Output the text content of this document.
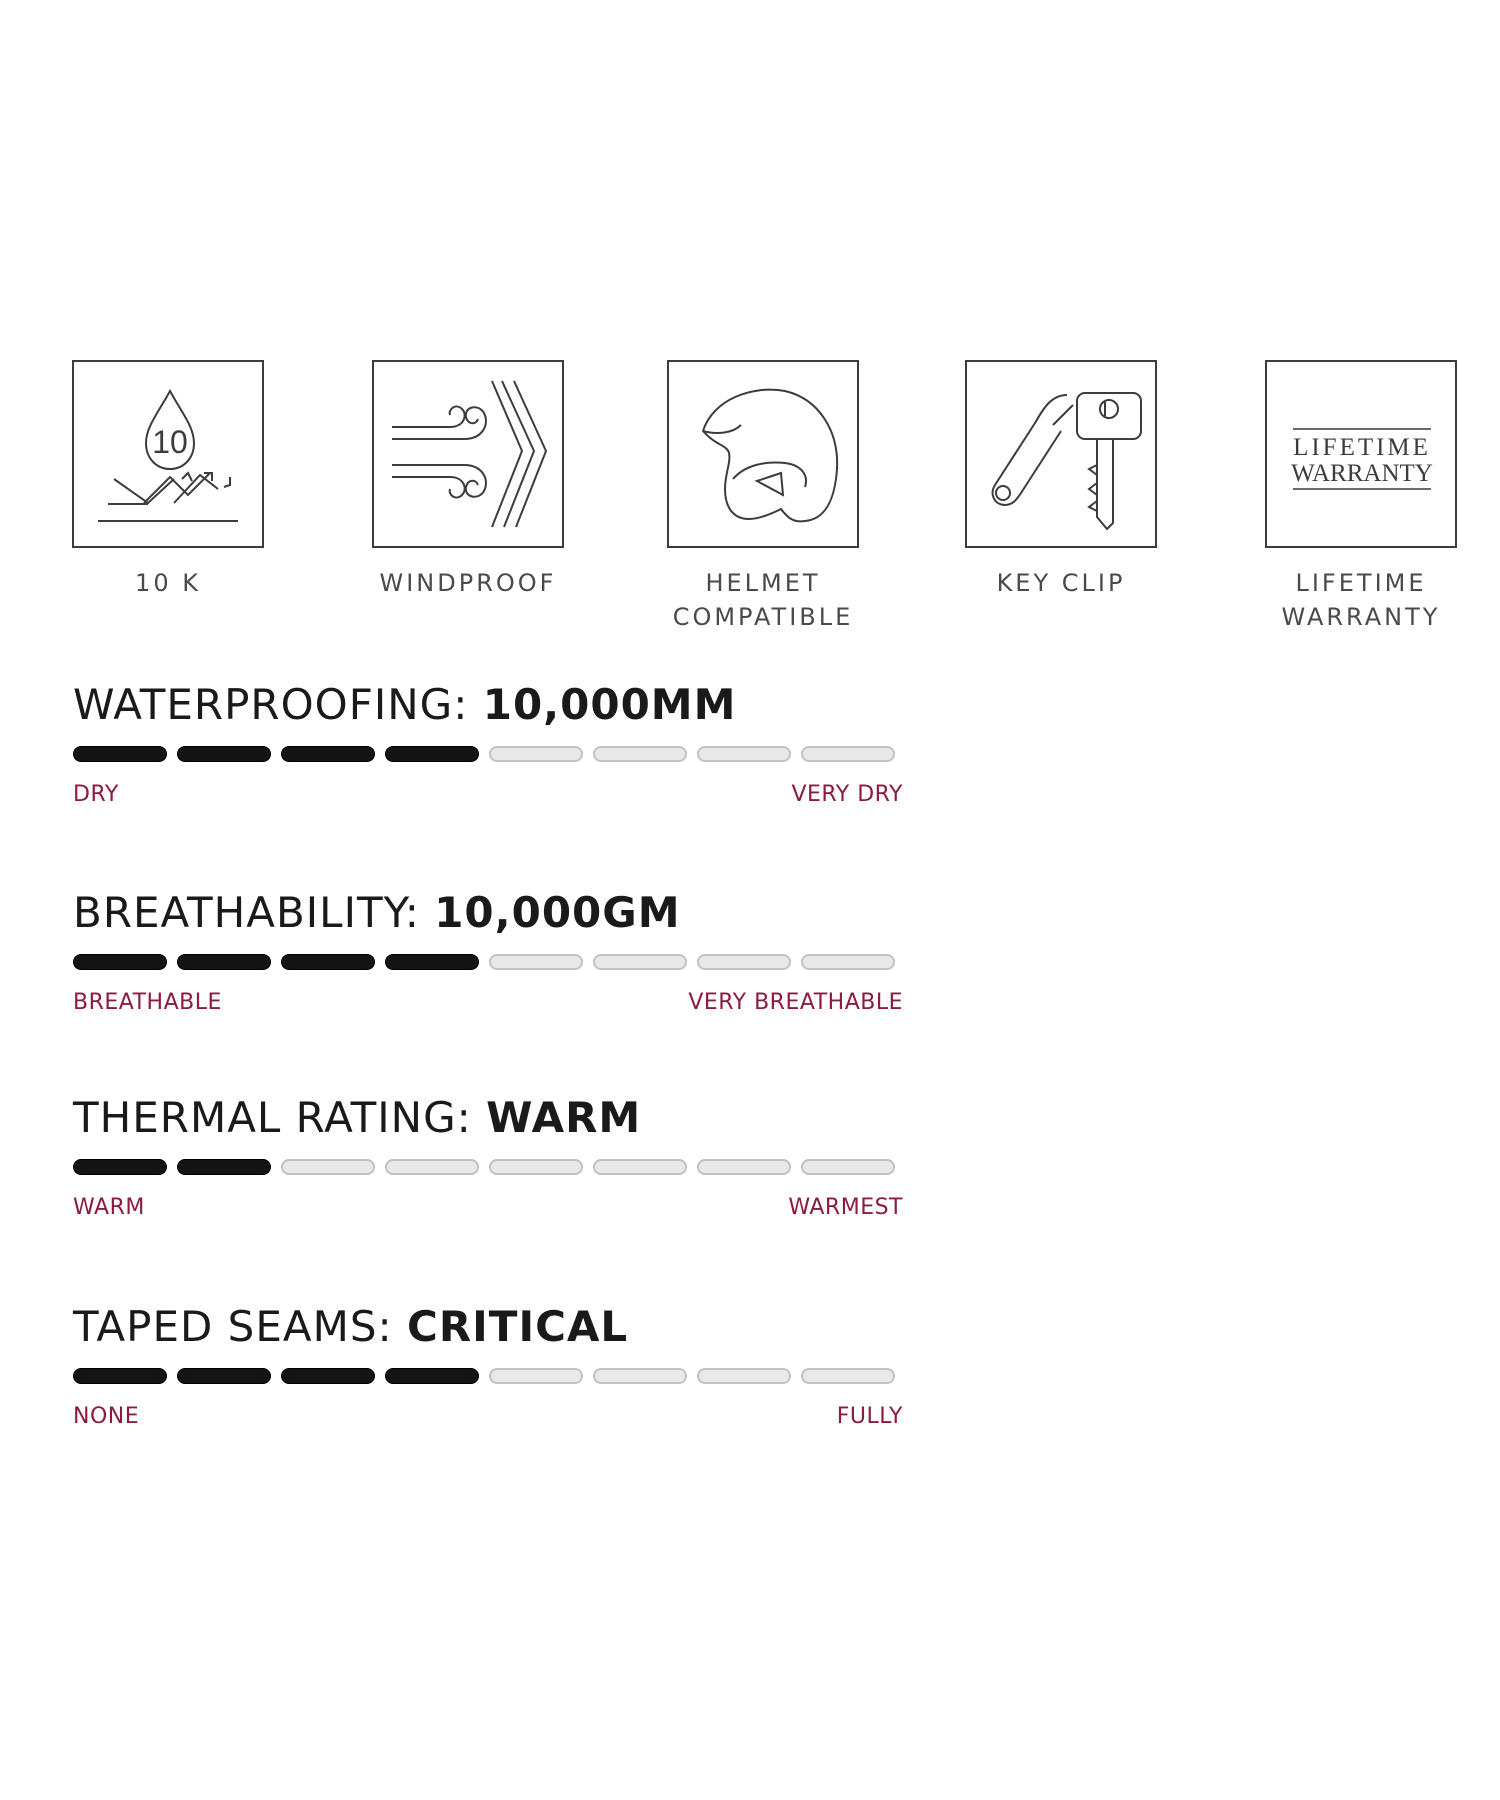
10
10 K	WINDPROOF	HELMET
COMPATIBLE
KEY CLIP
LIFETIME
WARRANTY
LIFETIME
WARRANTY
WATERPROOFING: 10,000MM
DRY	VERY DRY
BREATHABILITY: 10,000GM
BREATHABLE	VERY BREATHABLE
THERMAL RATING: WARM
WARM	WARMEST
TAPED SEAMS: CRITICAL
NONE	FULLY
